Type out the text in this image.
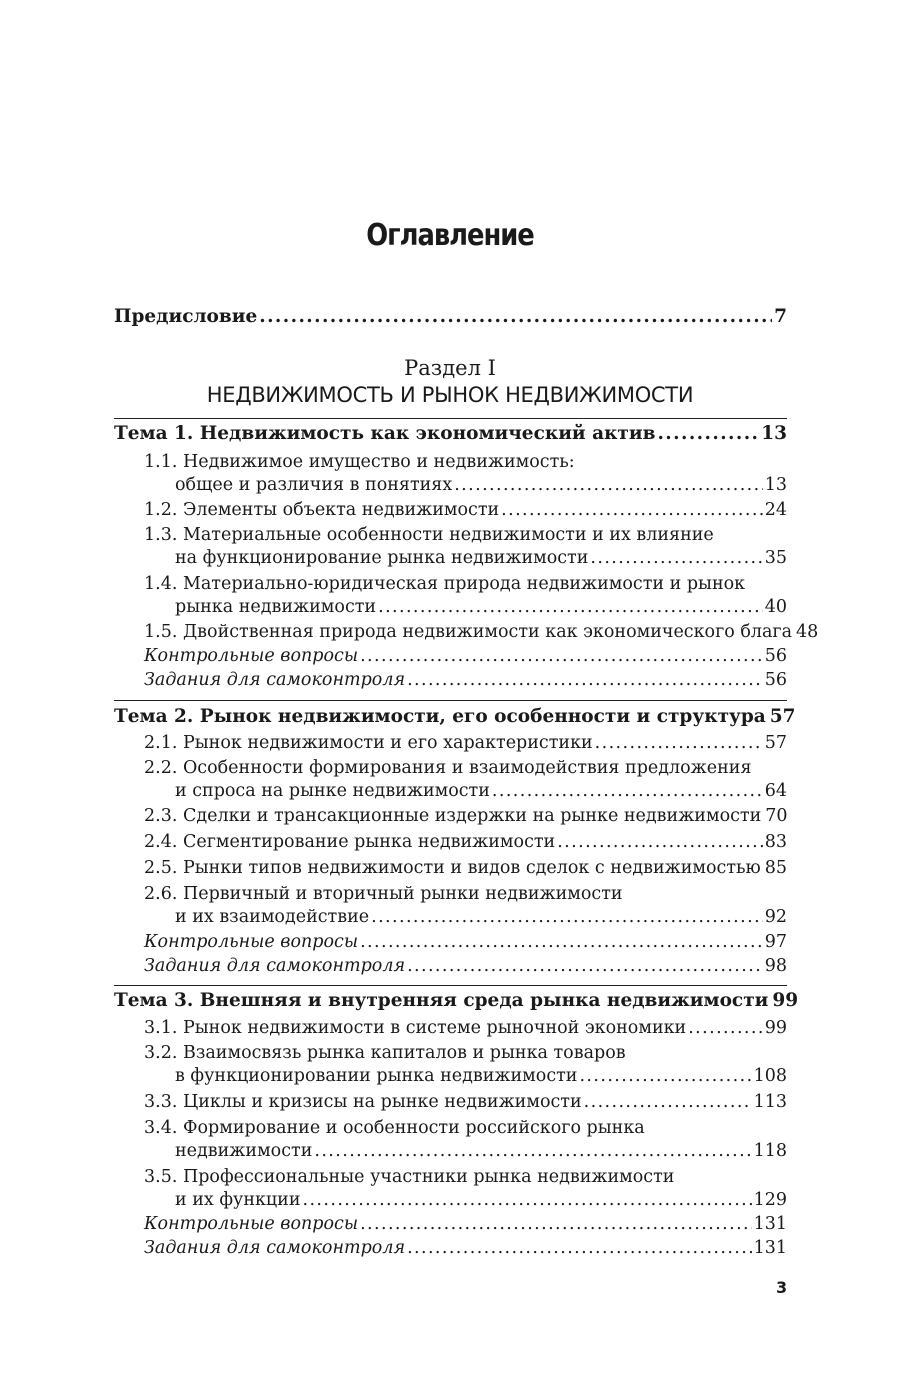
Оглавление
Предисловие .....	7
Тема 1. Недвижимость как экономический актив .....	13
1.1. Недвижимое имущество и недвижимость:
общее и различия в понятиях .....	13
1.2. Элементы объекта недвижимости .....	24
1.3. Материальные особенности недвижимости и их влияние
на функционирование рынка недвижимости .....	35
1.4. Материально-юридическая природа недвижимости и рынок
рынка недвижимости .....	40
1.5. Двойственная природа недвижимости как экономического блага 48
Контрольные вопросы .....	56
Задания для самоконтроля .....	56
Тема 2. Рынок недвижимости, его особенности и структура 57
2.1. Рынок недвижимости и его характеристики .....	57
2.2. Особенности формирования и взаимодействия предложения
и спроса на рынке недвижимости .....	64
2.3. Сделки и трансакционные издержки на рынке недвижимости 70
2.4. Сегментирование рынка недвижимости .....	83
2.5. Рынки типов недвижимости и видов сделок с недвижимостью 85
2.6. Первичный и вторичный рынки недвижимости
и их взаимодействие .....	92
Контрольные вопросы .....	97
Задания для самоконтроля .....	98
Тема 3. Внешняя и внутренняя среда рынка недвижимости 99
3.1. Рынок недвижимости в системе рыночной экономики .....	99
3.2. Взаимосвязь рынка капиталов и рынка товаров
в функционировании рынка недвижимости .....	108
3.3. Циклы и кризисы на рынке недвижимости .....	113
3.4. Формирование и особенности российского рынка
недвижимости .....	118
3.5. Профессиональные участники рынка недвижимости
и их функции .....	129
Контрольные вопросы .....	131
Задания для самоконтроля .....	131
Раздел I
НЕДВИЖИМОСТЬ И РЫНОК НЕДВИЖИМОСТИ
3
